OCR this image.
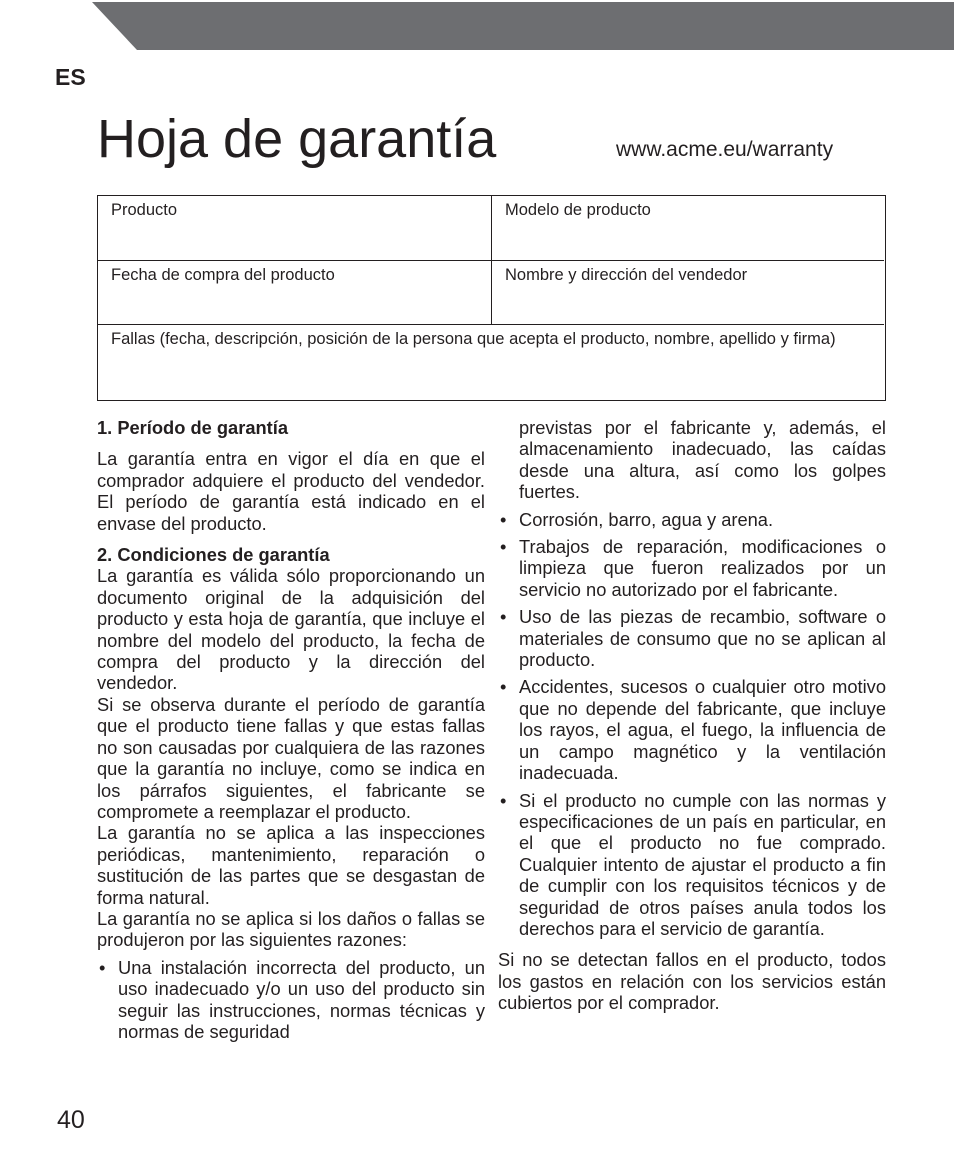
ES
Hoja de garantía	www.acme.eu/warranty
Producto	Modelo de producto
Fecha de compra del producto	Nombre y dirección del vendedor
Fallas (fecha, descripción, posición de la persona que acepta el producto, nombre, apellido y firma)
1. Período de garantía

La garantía entra en vigor el día en que el comprador adquiere el producto del vendedor. El período de garantía está indicado en el envase del producto.

2. Condiciones de garantía

La garantía es válida sólo proporcionando un documento original de la adquisición del producto y esta hoja de garantía, que incluye el nombre del modelo del producto, la fecha de compra del producto y la dirección del vendedor.

Si se observa durante el período de garantía que el producto tiene fallas y que estas fallas no son causadas por cualquiera de las razones que la garantía no incluye, como se indica en los párrafos siguientes, el fabricante se compromete a reemplazar el producto.

La garantía no se aplica a las inspecciones periódicas, mantenimiento, reparación o sustitución de las partes que se desgastan de forma natural.

La garantía no se aplica si los daños o fallas se produjeron por las siguientes razones:

• Una instalación incorrecta del producto, un uso inadecuado y/o un uso del producto sin seguir las instrucciones, normas técnicas y normas de seguridad
previstas por el fabricante y, además, el almacenamiento inadecuado, las caídas desde una altura, así como los golpes fuertes.
• Corrosión, barro, agua y arena.
• Trabajos de reparación, modificaciones o limpieza que fueron realizados por un servicio no autorizado por el fabricante.
• Uso de las piezas de recambio, software o materiales de consumo que no se aplican al producto.
• Accidentes, sucesos o cualquier otro motivo que no depende del fabricante, que incluye los rayos, el agua, el fuego, la influencia de un campo magnético y la ventilación inadecuada.
• Si el producto no cumple con las normas y especificaciones de un país en particular, en el que el producto no fue comprado. Cualquier intento de ajustar el producto a fin de cumplir con los requisitos técnicos y de seguridad de otros países anula todos los derechos para el servicio de garantía.

Si no se detectan fallos en el producto, todos los gastos en relación con los servicios están cubiertos por el comprador.

40
